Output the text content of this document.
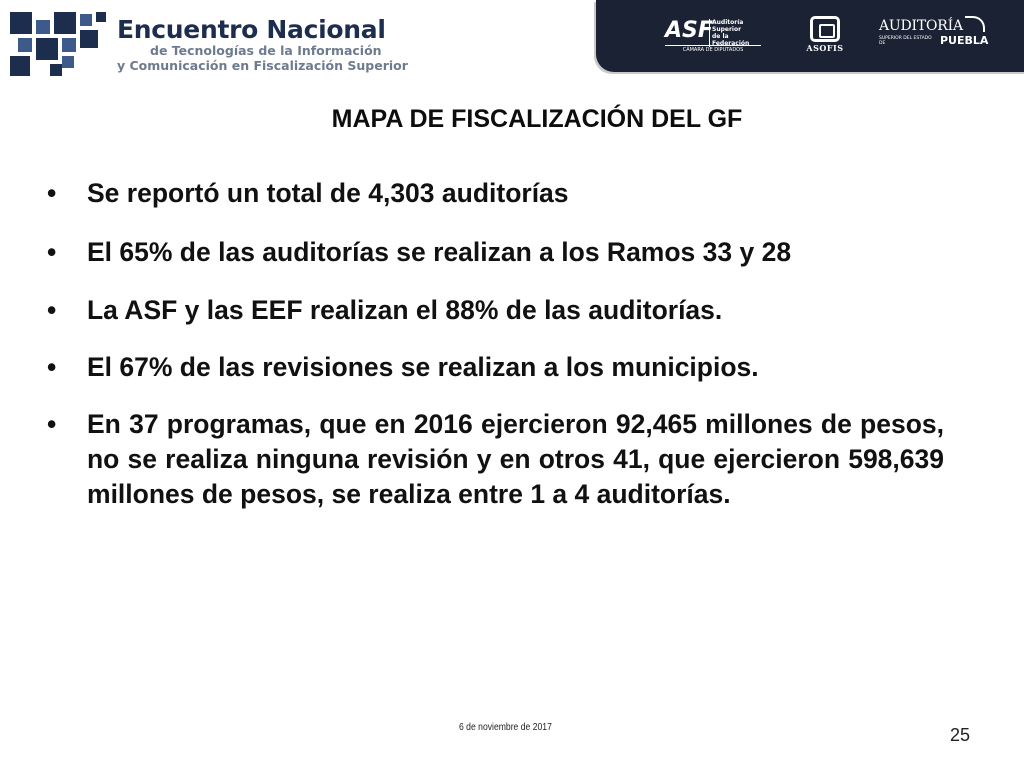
Encuentro Nacional
de Tecnologías de la Información
y Comunicación en Fiscalización Superior
ASF Auditoría
Superior
de la Federación
CÁMARA DE DIPUTADOS	ASOFIS
AUDITORÍA
SUPERIOR DEL ESTADO DE	PUEBLA
MAPA DE FISCALIZACIÓN DEL GF
• Se reportó un total de 4,303 auditorías
• El 65% de las auditorías se realizan a los Ramos 33 y 28
• La ASF y las EEF realizan el 88% de las auditorías.
• El 67% de las revisiones se realizan a los municipios.
• En 37 programas, que en 2016 ejercieron 92,465 millones de pesos, no se realiza ninguna revisión y en otros 41, que ejercieron 598,639 millones de pesos, se realiza entre 1 a 4 auditorías.
6 de noviembre de 2017	25
